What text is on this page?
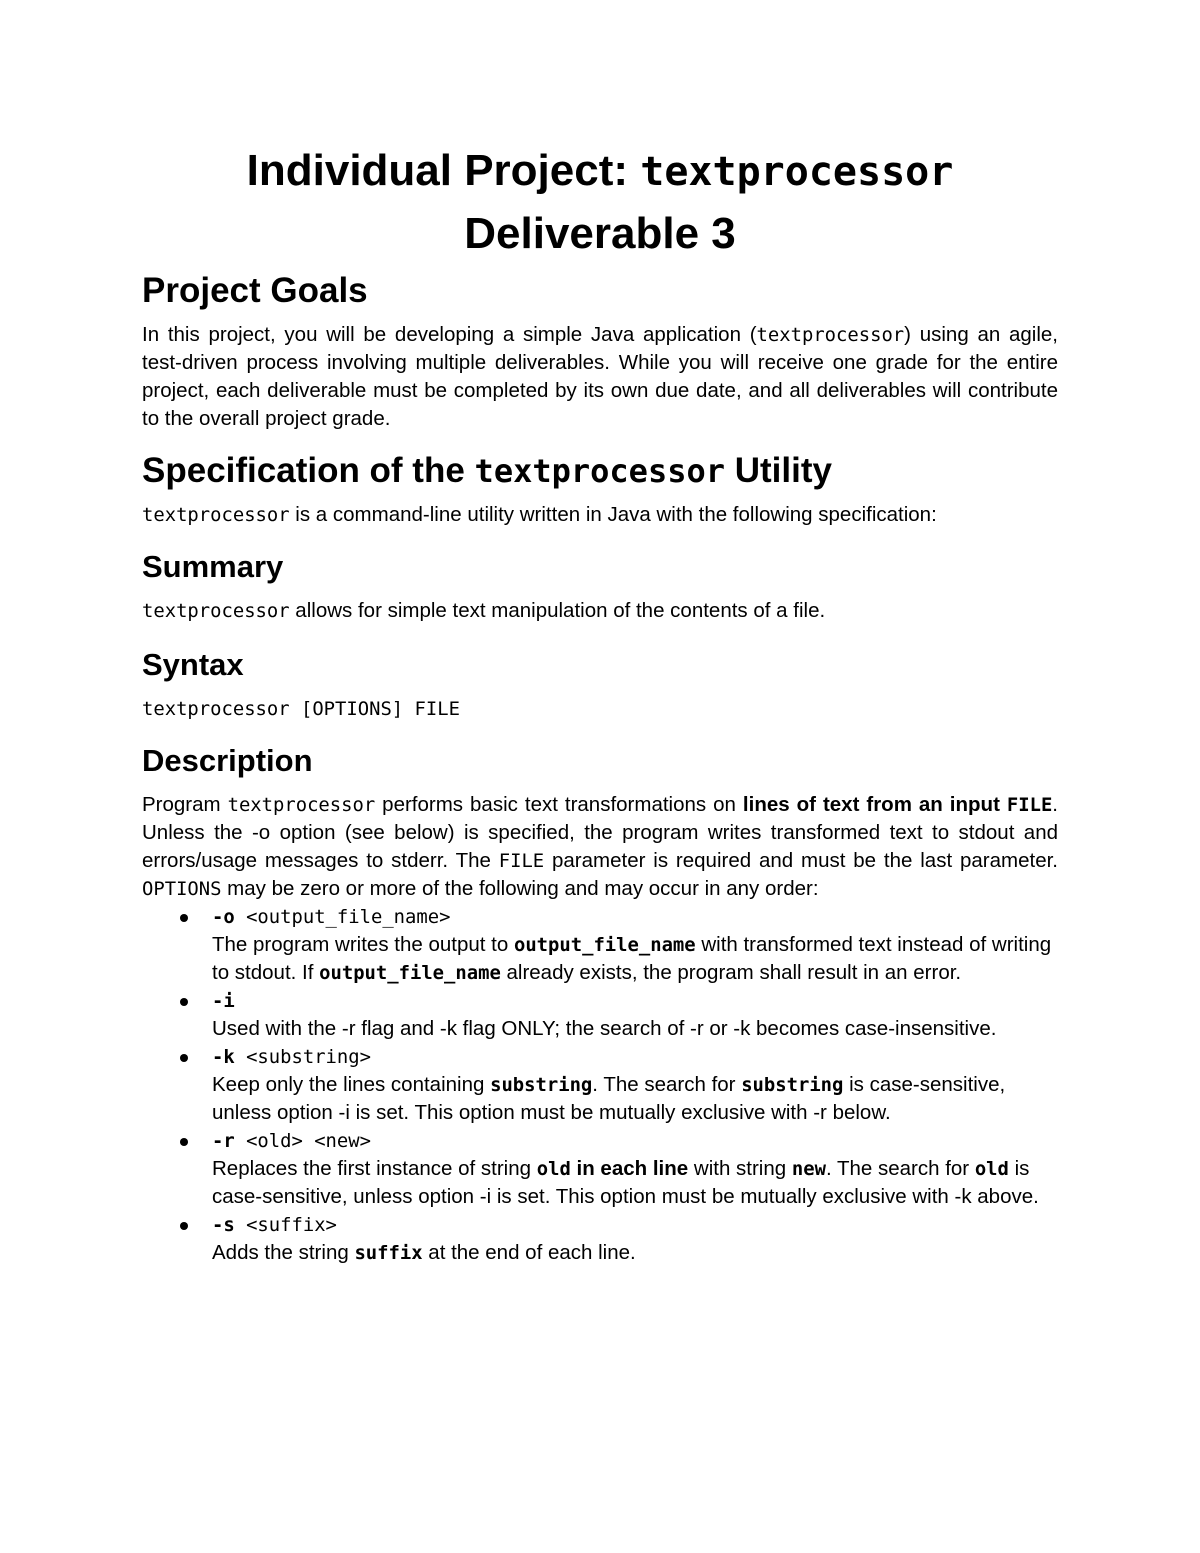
Individual Project: textprocessor
Deliverable 3
Project Goals

In this project, you will be developing a simple Java application (textprocessor) using an agile, test-driven process involving multiple deliverables. While you will receive one grade for the entire project, each deliverable must be completed by its own due date, and all deliverables will contribute to the overall project grade.

Specification of the textprocessor Utility

textprocessor is a command-line utility written in Java with the following specification:

Summary

textprocessor allows for simple text manipulation of the contents of a file.

Syntax

textprocessor [OPTIONS] FILE

Description

Program textprocessor performs basic text transformations on lines of text from an input FILE. Unless the -o option (see below) is specified, the program writes transformed text to stdout and errors/usage messages to stderr. The FILE parameter is required and must be the last parameter. OPTIONS may be zero or more of the following and may occur in any order:

-o <output_file_name>
The program writes the output to output_file_name with transformed text instead of writing to stdout. If output_file_name already exists, the program shall result in an error.
-i
Used with the -r flag and -k flag ONLY; the search of -r or -k becomes case-insensitive.
-k <substring>
Keep only the lines containing substring. The search for substring is case-sensitive, unless option -i is set. This option must be mutually exclusive with -r below.
-r <old> <new>
Replaces the first instance of string old in each line with string new. The search for old is case-sensitive, unless option -i is set. This option must be mutually exclusive with -k above.
-s <suffix>
Adds the string suffix at the end of each line.
